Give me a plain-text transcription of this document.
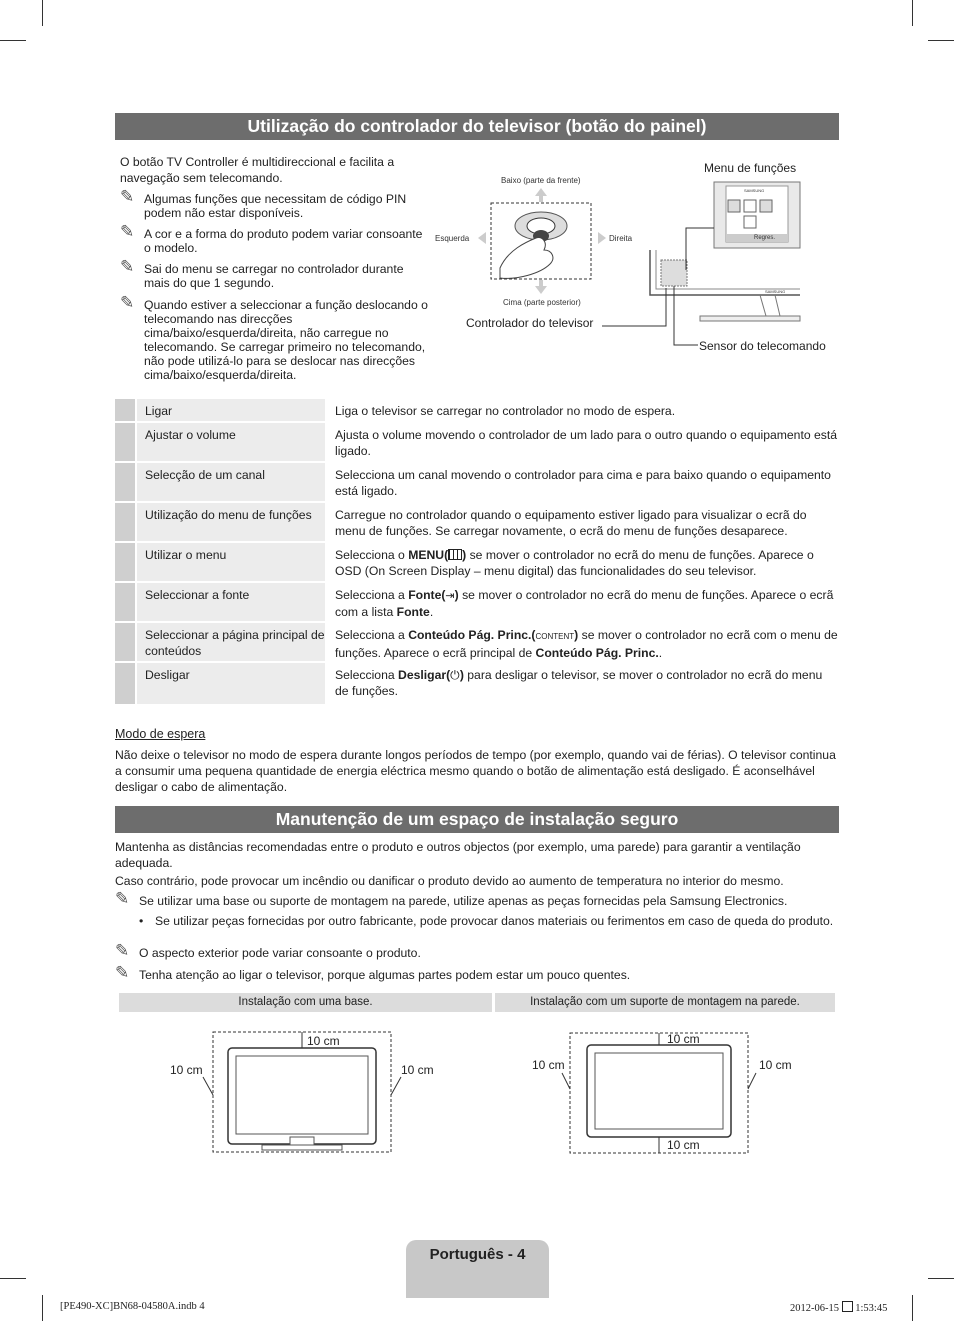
Utilização do controlador do televisor (botão do painel)
O botão TV Controller é multidireccional e facilita a navegação sem telecomando.
✎ Algumas funções que necessitam de código PIN podem não estar disponíveis.
✎ A cor e a forma do produto podem variar consoante o modelo.
✎ Sai do menu se carregar no controlador durante mais do que 1 segundo.
✎ Quando estiver a seleccionar a função deslocando o telecomando nas direcções cima/baixo/esquerda/direita, não carregue no telecomando. Se carregar primeiro no telecomando, não pode utilizá-lo para se deslocar nas direcções cima/baixo/esquerda/direita.
Baixo (parte da frente)
Cima (parte posterior)
Esquerda	Direita
Menu de funções
SAMSUNG
Regres.
SAMSUNG
Controlador do televisor
Sensor do telecomando
Ligar	Liga o televisor se carregar no controlador no modo de espera.
Ajustar o volume	Ajusta o volume movendo o controlador de um lado para o outro quando o equipamento está ligado.
Selecção de um canal	Selecciona um canal movendo o controlador para cima e para baixo quando o equipamento está ligado.
Utilização do menu de funções	Carregue no controlador quando o equipamento estiver ligado para visualizar o ecrã do menu de funções. Se carregar novamente, o ecrã do menu de funções desaparece.
Utilizar o menu	Selecciona o MENU( ) se mover o controlador no ecrã do menu de funções. Aparece o OSD (On Screen Display – menu digital) das funcionalidades do seu televisor.
Seleccionar a fonte	Selecciona a Fonte(⇥) se mover o controlador no ecrã do menu de funções. Aparece o ecrã com a lista Fonte.
Seleccionar a página principal de conteúdos
Selecciona a Conteúdo Pág. Princ.(CONTENT) se mover o controlador no ecrã com o menu de funções. Aparece o ecrã principal de Conteúdo Pág. Princ..
Desligar	Selecciona Desligar(⏻) para desligar o televisor, se mover o controlador no ecrã do menu de funções.
Modo de espera
Não deixe o televisor no modo de espera durante longos períodos de tempo (por exemplo, quando vai de férias). O televisor continua a consumir uma pequena quantidade de energia eléctrica mesmo quando o botão de alimentação está desligado. É aconselhável desligar o cabo de alimentação.
Manutenção de um espaço de instalação seguro
Mantenha as distâncias recomendadas entre o produto e outros objectos (por exemplo, uma parede) para garantir a ventilação adequada.
Caso contrário, pode provocar um incêndio ou danificar o produto devido ao aumento de temperatura no interior do mesmo.
✎ Se utilizar uma base ou suporte de montagem na parede, utilize apenas as peças fornecidas pela Samsung Electronics.
• Se utilizar peças fornecidas por outro fabricante, pode provocar danos materiais ou ferimentos em caso de queda do produto.
✎ O aspecto exterior pode variar consoante o produto.
✎ Tenha atenção ao ligar o televisor, porque algumas partes podem estar um pouco quentes.
Instalação com uma base.	Instalação com um suporte de montagem na parede.
10 cm
10 cm	10 cm
10 cm
10 cm	10 cm
10 cm
Português - 4
[PE490-XC]BN68-04580A.indb 4	2012-06-15  1:53:45
